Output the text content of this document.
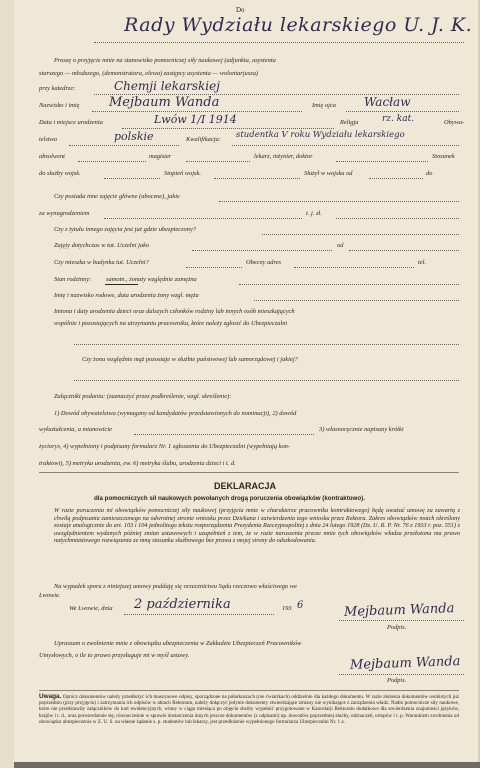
Do
Rady Wydziału lekarskiego U. J. K.
Proszę o przyjęcie mnie na stanowisko pomocniczej siły naukowej (adjunkta, asystenta
starszego — młodszego, (demonstratora, elewa) zastępcy asystenta — wolontarjusza)
przy katedrze:	Chemji lekarskiej
Nazwisko i imię Mejbaum Wanda	Imię ojca Wacław
Data i miejsce urodzenia	Lwów 1/I 1914	Religja	rz. kat.	Obywa-
telstwo	polskie	Kwalifikacja: studentka V roku Wydziału lekarskiego
absolwent	magister	lekarz, inżynier, doktor	Stosunek
do służby wojsk.	Stopień wojsk.	Służył w wojsku od	do
Czy posiada inne zajęcie główne (uboczne), jakie
za wynagrodzeniem	t. j. zł.
Czy z tytułu innego zajęcia jest już gdzie ubezpieczony?
Zajęty dotychczas w tut. Uczelni jako	od
Czy mieszka w budynku tut. Uczelni?	Obecny adres	tel.
Stan rodzinny: samotn., żonaty względnie zamężna
Imię i nazwisko rodowe, data urodzenia żony wzgl. męża
Imiona i daty urodzenia dzieci oraz dalszych członków rodziny lub innych osób mieszkających
wspólnie i pozostających na utrzymaniu pracownika, które należy zgłosić do Ubezpieczalni
Czy żona względnie mąż pozostaje w służbie państwowej lub samorządowej i jakiej?
Załączniki podania: (zaznaczyć przez podkreślenie, wzgl. skreślenie):
1) Dowód obywatelstwa (wymagany od kandydatów przedstawionych do nominacji), 2) dowód
wykształcenia, a mianowicie	3) własnoręcznie napisany krótki
życiorys, 4) wypełniony i podpisany formularz Nr. 1 zgłoszenia do Ubezpieczalni (wypełniają kon-
traktowi), 5) metryka urodzenia, ew. 6) metryka ślubu, urodzenia dzieci i t. d.
DEKLARACJA
dla pomocniczych sił naukowych powołanych drogą poruczenia obowiązków (kontraktowo).
W razie poruczenia mi obowiązków pomocniczej siły naukowej (przyjęcia mnie w charakterze pracownika kontraktowego) będę uważać umowę za zawartą z chwilą podpisania zamieszczonego na odwrotnej stronie wniosku przez Dziekana i zatwierdzenia tego wniosku przez Rektora. Zakres obowiązków moich określony zostaje analogicznie do art. 103 i 104 jednolitego tekstu rozporządzenia Prezydenta Rzeczypospolitej z dnia 24 lutego 1928 (Dz. U. R. P. Nr. 76 z 1933 r. poz. 551) z uwzględnieniem wydanych później zmian ustawowych i uzupełnień z tem, że w razie naruszenia przeze mnie tych obowiązków władza przełożona ma prawo natychmiastowego rozwiązania ze mną stosunku służbowego bez prawa z mojej strony do odszkodowania.
Na wypadek sporu z niniejszej umowy poddaję się orzecznictwu Sądu rzeczowo właściwego we
Lwowie.
We Lwowie, dnia 2 października	193 6	Mejbaum Wanda
Podpis.
Upraszam o zwolnienie mnie z obowiązku ubezpieczenia w Zakładzie Ubezpieczeń Pracowników
Umysłowych, o ile to prawo przysługuje mi w myśl ustawy.	Mejbaum Wanda
Podpis.
Uwaga. Oprócz dokumentów należy przedłożyć ich maszynowe odpisy, sporządzone na półarkuszach (nie ćwiartkach) oddzielnie dla każdego dokumentu. W razie złożenia dokumentów osobistych już poprzednio (przy przyjęciu) i zatrzymania ich odpisów w aktach Rektoratu, należy dołączyć jedynie dokumenty stwierdzające zmiany nie wynikające z zarządzenia władz. Nadto pomocnicze siły naukowe, które nie przedstawiły załączników do kart ewidencyjnych, winny w ciągu miesiąca po objęciu służby wypełnić przygotowane w Kancelarji Rektoratu dodatkowe dla stwierdzenia znajomości języków, krajów i t. d., oraz potwierdzenie się, równocześnie w sprawie dostarczenia innych jeszcze dokumentów (z odpisami) np. dowodów poprzedniej służby, odznaczeń, urlopów i t. p. Warunkiem zwolnienia od obowiązku ubezpieczenia w Z. U. S. na własne żądanie s. p. studentów lub lekarzy, jest przedłożenie wypełnionego formularza Ubezpieczalni Nr. 1 a.
